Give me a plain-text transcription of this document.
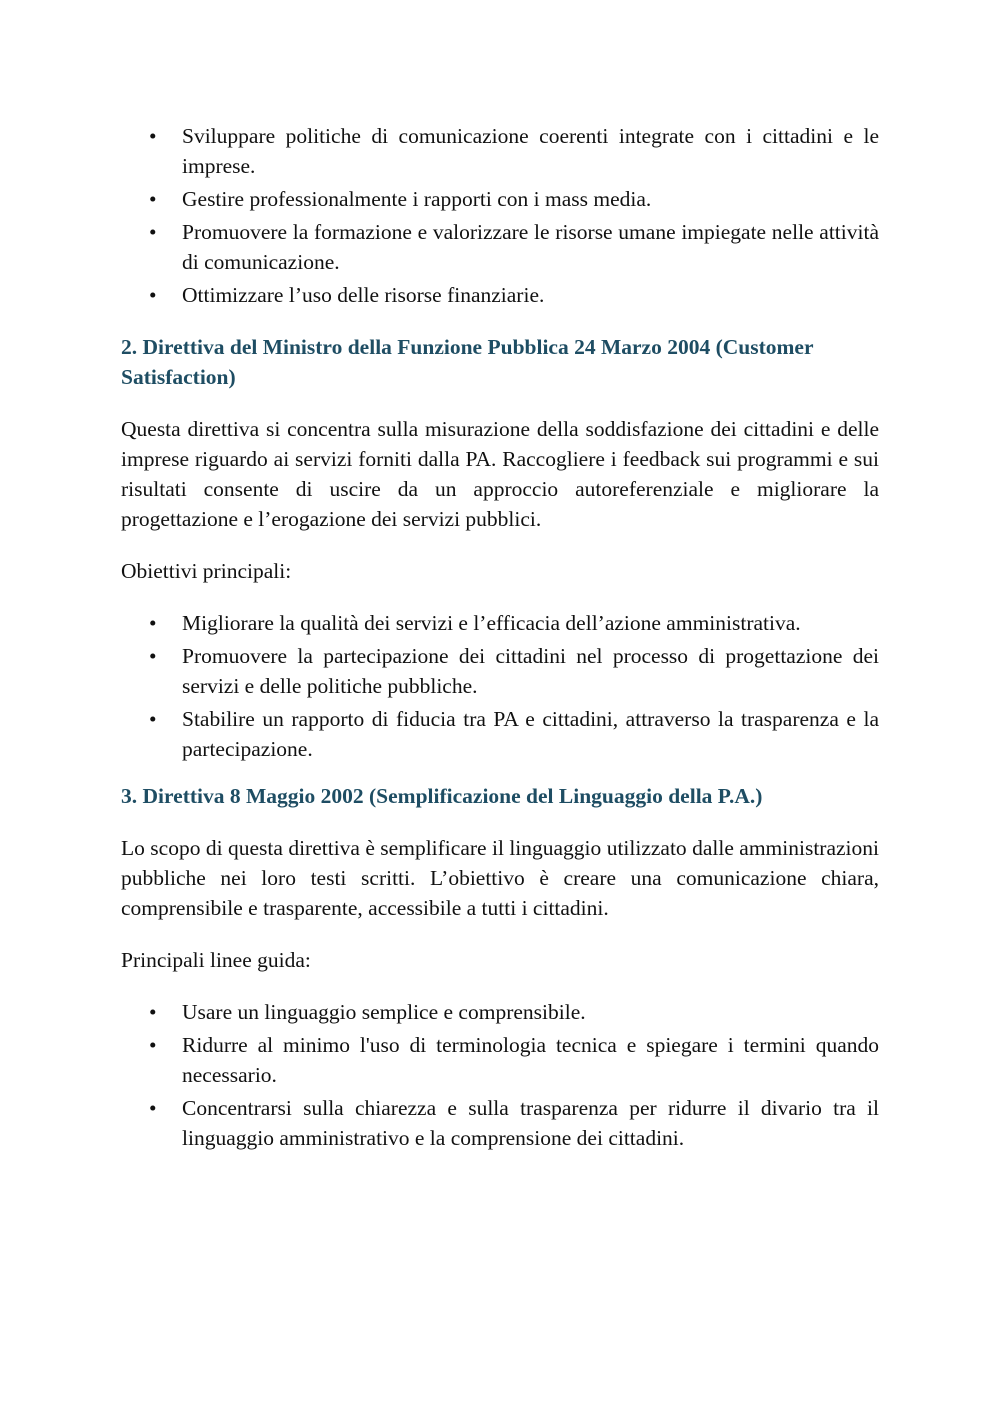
• Sviluppare politiche di comunicazione coerenti integrate con i cittadini e le imprese.
• Gestire professionalmente i rapporti con i mass media.
• Promuovere la formazione e valorizzare le risorse umane impiegate nelle attività di comunicazione.
• Ottimizzare l’uso delle risorse finanziarie.
2. Direttiva del Ministro della Funzione Pubblica 24 Marzo 2004 (Customer Satisfaction)

Questa direttiva si concentra sulla misurazione della soddisfazione dei cittadini e delle imprese riguardo ai servizi forniti dalla PA. Raccogliere i feedback sui programmi e sui risultati consente di uscire da un approccio autoreferenziale e migliorare la progettazione e l’erogazione dei servizi pubblici.

Obiettivi principali:

• Migliorare la qualità dei servizi e l’efficacia dell’azione amministrativa.
• Promuovere la partecipazione dei cittadini nel processo di progettazione dei servizi e delle politiche pubbliche.
• Stabilire un rapporto di fiducia tra PA e cittadini, attraverso la trasparenza e la partecipazione.
3. Direttiva 8 Maggio 2002 (Semplificazione del Linguaggio della P.A.)

Lo scopo di questa direttiva è semplificare il linguaggio utilizzato dalle amministrazioni pubbliche nei loro testi scritti. L’obiettivo è creare una comunicazione chiara, comprensibile e trasparente, accessibile a tutti i cittadini.

Principali linee guida:

• Usare un linguaggio semplice e comprensibile.
• Ridurre al minimo l'uso di terminologia tecnica e spiegare i termini quando necessario.
• Concentrarsi sulla chiarezza e sulla trasparenza per ridurre il divario tra il linguaggio amministrativo e la comprensione dei cittadini.
